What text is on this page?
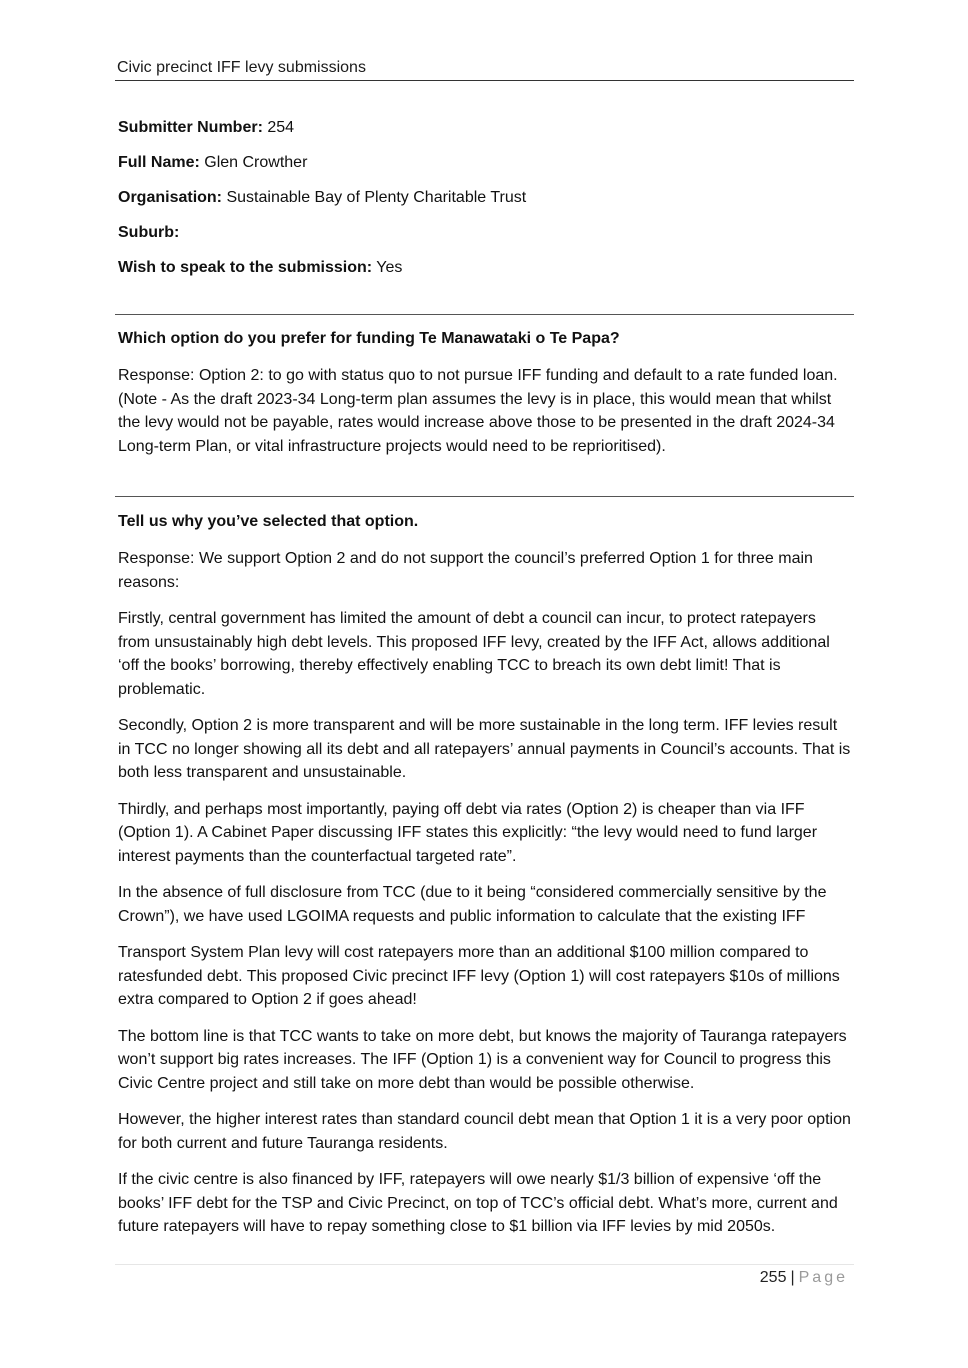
Civic precinct IFF levy submissions
Submitter Number: 254
Full Name: Glen Crowther
Organisation: Sustainable Bay of Plenty Charitable Trust
Suburb:
Wish to speak to the submission: Yes
Which option do you prefer for funding Te Manawataki o Te Papa?

Response: Option 2: to go with status quo to not pursue IFF funding and default to a rate funded loan. (Note - As the draft 2023-34 Long-term plan assumes the levy is in place, this would mean that whilst the levy would not be payable, rates would increase above those to be presented in the draft 2024-34 Long-term Plan, or vital infrastructure projects would need to be reprioritised).

Tell us why you’ve selected that option.

Response: We support Option 2 and do not support the council’s preferred Option 1 for three main reasons:

Firstly, central government has limited the amount of debt a council can incur, to protect ratepayers from unsustainably high debt levels. This proposed IFF levy, created by the IFF Act, allows additional ‘off the books’ borrowing, thereby effectively enabling TCC to breach its own debt limit! That is problematic.

Secondly, Option 2 is more transparent and will be more sustainable in the long term. IFF levies result in TCC no longer showing all its debt and all ratepayers’ annual payments in Council’s accounts. That is both less transparent and unsustainable.

Thirdly, and perhaps most importantly, paying off debt via rates (Option 2) is cheaper than via IFF (Option 1). A Cabinet Paper discussing IFF states this explicitly: “the levy would need to fund larger interest payments than the counterfactual targeted rate”.

In the absence of full disclosure from TCC (due to it being “considered commercially sensitive by the Crown”), we have used LGOIMA requests and public information to calculate that the existing IFF

Transport System Plan levy will cost ratepayers more than an additional $100 million compared to ratesfunded debt. This proposed Civic precinct IFF levy (Option 1) will cost ratepayers $10s of millions extra compared to Option 2 if goes ahead!

The bottom line is that TCC wants to take on more debt, but knows the majority of Tauranga ratepayers won’t support big rates increases. The IFF (Option 1) is a convenient way for Council to progress this Civic Centre project and still take on more debt than would be possible otherwise.

However, the higher interest rates than standard council debt mean that Option 1 it is a very poor option for both current and future Tauranga residents.

If the civic centre is also financed by IFF, ratepayers will owe nearly $1/3 billion of expensive ‘off the books’ IFF debt for the TSP and Civic Precinct, on top of TCC’s official debt. What’s more, current and future ratepayers will have to repay something close to $1 billion via IFF levies by mid 2050s.

255 | Page
